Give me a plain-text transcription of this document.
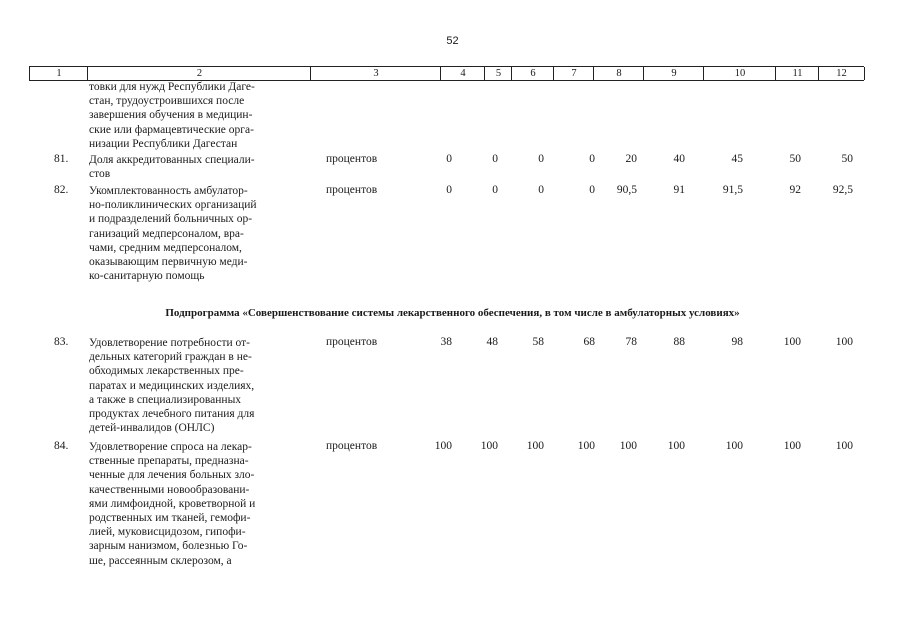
52
1	2	3	4	5	6	7	8	9	10	11	12
товки для нужд Республики Даге-
стан, трудоустроившихся после
завершения обучения в медицин-
ские или фармацевтические орга-
низации Республики Дагестан
81. Доля аккредитованных специали-
стов
процентов	0	0	0	0	20	40	45	50	50
82. Укомплектованность амбулатор-
но-поликлинических организаций
и подразделений больничных ор-
ганизаций медперсоналом, вра-
чами, средним медперсоналом,
оказывающим первичную меди-
ко-санитарную помощь
процентов	0	0	0	0	90,5	91	91,5	92	92,5
Подпрограмма «Совершенствование системы лекарственного обеспечения, в том числе в амбулаторных условиях»
83. Удовлетворение потребности от-
дельных категорий граждан в не-
обходимых лекарственных пре-
паратах и медицинских изделиях,
а также в специализированных
продуктах лечебного питания для
детей-инвалидов (ОНЛС)
процентов	38	48	58	68	78	88	98	100	100
84. Удовлетворение спроса на лекар-
ственные препараты, предназна-
ченные для лечения больных зло-
качественными новообразовани-
ями лимфоидной, кроветворной и
родственных им тканей, гемофи-
лией, муковисцидозом, гипофи-
зарным нанизмом, болезнью Го-
ше, рассеянным склерозом, а
процентов	100	100	100	100	100	100	100	100	100
